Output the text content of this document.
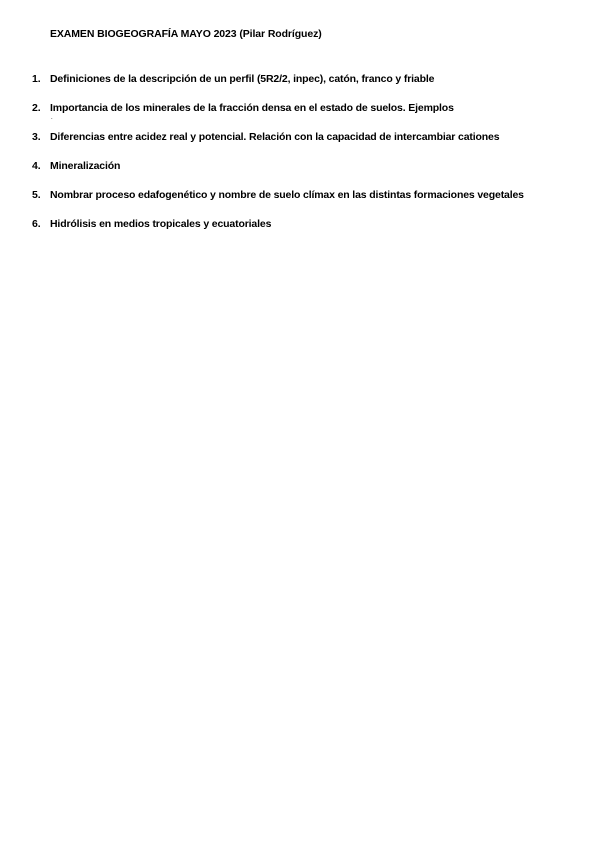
EXAMEN BIOGEOGRAFÍA MAYO 2023 (Pilar Rodríguez)
1. Definiciones de la descripción de un perfil (5R2/2, inpec), catón, franco y friable
2. Importancia de los minerales de la fracción densa en el estado de suelos. Ejemplos
.
3. Diferencias entre acidez real y potencial. Relación con la capacidad de intercambiar cationes
4. Mineralización
5. Nombrar proceso edafogenético y nombre de suelo clímax en las distintas formaciones vegetales
6. Hidrólisis en medios tropicales y ecuatoriales
